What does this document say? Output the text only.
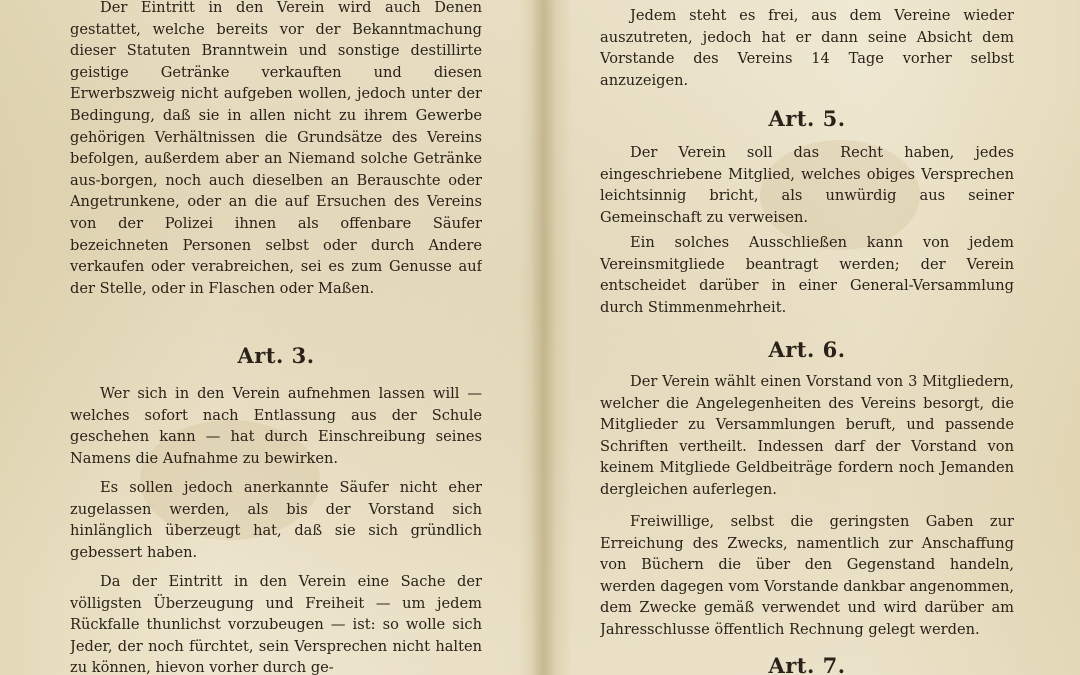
Der Eintritt in den Verein wird auch Denen gestattet, welche bereits vor der Bekanntmachung dieser Statuten Branntwein und sonstige destillirte geistige Getränke verkauften und diesen Erwerbszweig nicht aufgeben wollen, jedoch unter der Bedingung, daß sie in allen nicht zu ihrem Gewerbe gehörigen Verhältnissen die Grundsätze des Vereins befolgen, außerdem aber an Niemand solche Getränke aus-borgen, noch auch dieselben an Berauschte oder Angetrunkene, oder an die auf Ersuchen des Vereins von der Polizei ihnen als offenbare Säufer bezeichneten Personen selbst oder durch Andere verkaufen oder verabreichen, sei es zum Genusse auf der Stelle, oder in Flaschen oder Maßen.

Art. 3.

Wer sich in den Verein aufnehmen lassen will — welches sofort nach Entlassung aus der Schule geschehen kann — hat durch Einschreibung seines Namens die Aufnahme zu bewirken.

Es sollen jedoch anerkannte Säufer nicht eher zugelassen werden, als bis der Vorstand sich hinlänglich überzeugt hat, daß sie sich gründlich gebessert haben.

Da der Eintritt in den Verein eine Sache der völligsten Überzeugung und Freiheit — um jedem Rückfalle thunlichst vorzubeugen — ist: so wolle sich Jeder, der noch fürchtet, sein Versprechen nicht halten zu können, hievon vorher durch ge-

Jedem steht es frei, aus dem Vereine wieder auszutreten, jedoch hat er dann seine Absicht dem Vorstande des Vereins 14 Tage vorher selbst anzuzeigen.

Art. 5.

Der Verein soll das Recht haben, jedes eingeschriebene Mitglied, welches obiges Versprechen leichtsinnig bricht, als unwürdig aus seiner Gemeinschaft zu verweisen.

Ein solches Ausschließen kann von jedem Vereinsmitgliede beantragt werden; der Verein entscheidet darüber in einer General-Versammlung durch Stimmenmehrheit.

Art. 6.

Der Verein wählt einen Vorstand von 3 Mitgliedern, welcher die Angelegenheiten des Vereins besorgt, die Mitglieder zu Versammlungen beruft, und passende Schriften vertheilt. Indessen darf der Vorstand von keinem Mitgliede Geldbeiträge fordern noch Jemanden dergleichen auferlegen.

Freiwillige, selbst die geringsten Gaben zur Erreichung des Zwecks, namentlich zur Anschaffung von Büchern die über den Gegenstand handeln, werden dagegen vom Vorstande dankbar angenommen, dem Zwecke gemäß verwendet und wird darüber am Jahresschlusse öffentlich Rechnung gelegt werden.

Art. 7.
